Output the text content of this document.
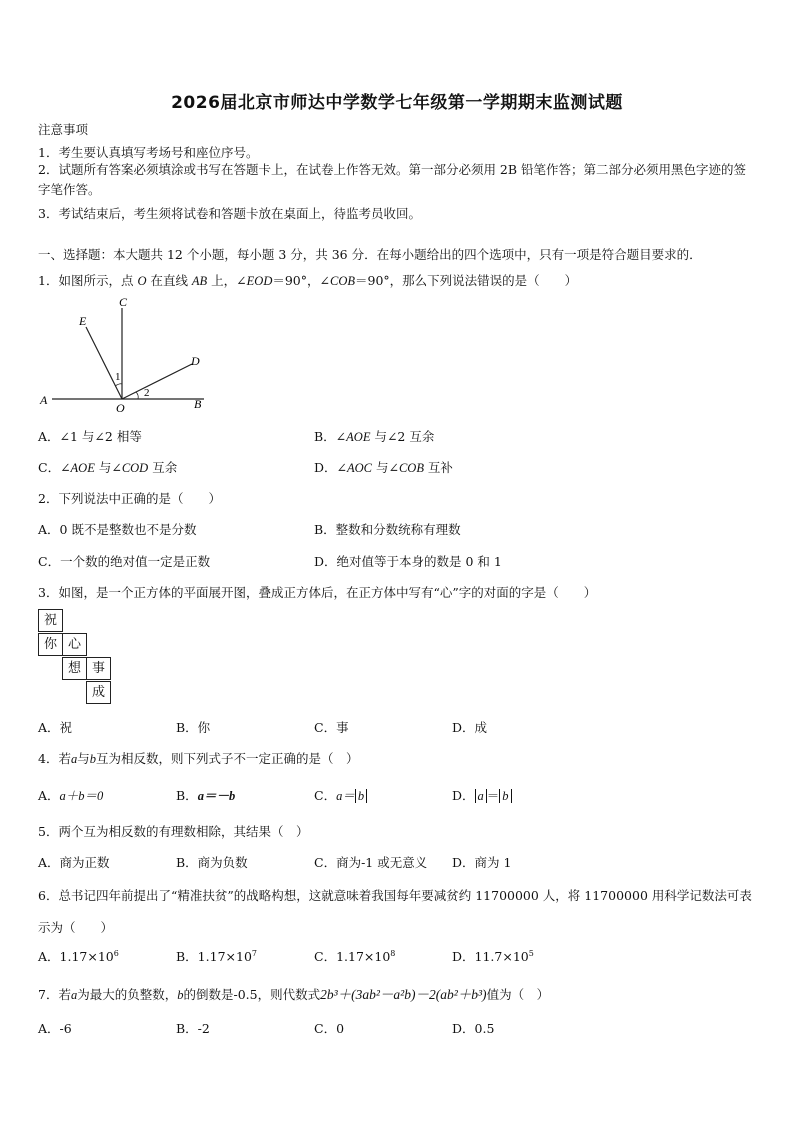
2026届北京市师达中学数学七年级第一学期期末监测试题
注意事项
1．考生要认真填写考场号和座位序号。
2．试题所有答案必须填涂或书写在答题卡上，在试卷上作答无效。第一部分必须用 2B 铅笔作答；第二部分必须用黑色字迹的签字笔作答。
3．考试结束后，考生须将试卷和答题卡放在桌面上，待监考员收回。
一、选择题：本大题共 12 个小题，每小题 3 分，共 36 分．在每小题给出的四个选项中，只有一项是符合题目要求的．
1．如图所示，点 O 在直线 AB 上，∠EOD＝90°，∠COB＝90°，那么下列说法错误的是（　　）
A	B
C
D
E
O
1
2
A．∠1 与∠2 相等	B．∠AOE 与∠2 互余
C．∠AOE 与∠COD 互余	D．∠AOC 与∠COB 互补
2．下列说法中正确的是（　　）
A．0 既不是整数也不是分数	B．整数和分数统称有理数
C．一个数的绝对值一定是正数	D．绝对值等于本身的数是 0 和 1
3．如图，是一个正方体的平面展开图，叠成正方体后，在正方体中写有“心”字的对面的字是（　　）
祝
你 心
想 事
成
A．祝	B．你	C．事	D．成
4．若a与b互为相反数，则下列式子不一定正确的是（　）
A．a＋b＝0	B．a＝－b	C．a＝ b	D． a ＝ b
5．两个互为相反数的有理数相除，其结果（　）
A．商为正数	B．商为负数	C．商为-1 或无意义 D．商为 1
6．总书记四年前提出了“精准扶贫”的战略构想，这就意味着我国每年要减贫约 11700000 人，将 11700000 用科学记数法可表示为（　　）
A．$1.17\times 10^6$	B．$1.17\times 10^7$	C．$1.17\times 10^8$	D．$11.7\times 10^5$
7．若a为最大的负整数，b的倒数是-0.5，则代数式2b³＋(3ab²－a²b)－2(ab²＋b³)值为（　）
A．-6	B．-2	C．0	D．0.5
